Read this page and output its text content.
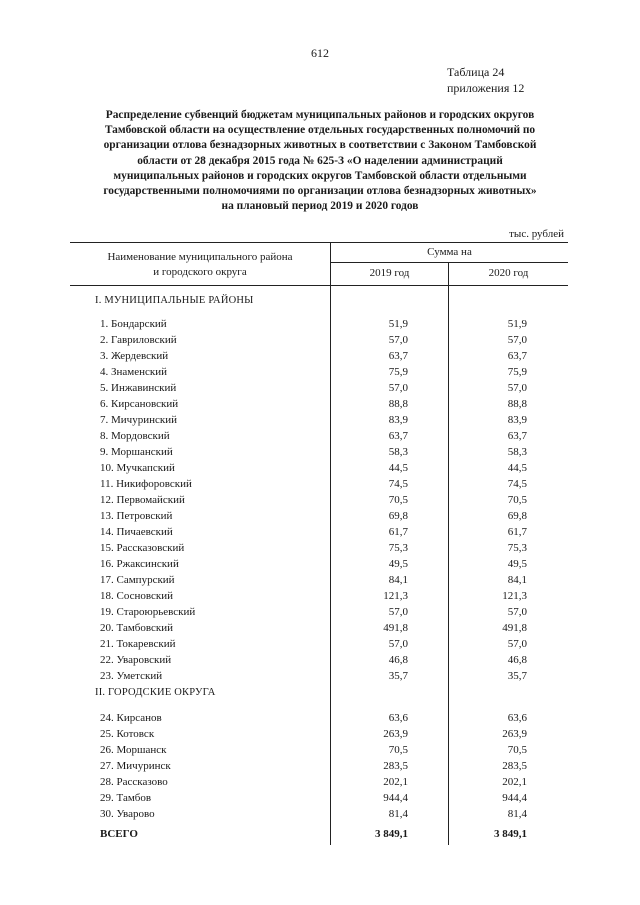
612
Таблица 24
приложения 12
Распределение субвенций бюджетам муниципальных районов и городских округов
Тамбовской области на осуществление отдельных государственных полномочий по
организации отлова безнадзорных животных в соответствии с Законом Тамбовской
области от 28 декабря 2015 года № 625-З «О наделении администраций
муниципальных районов и городских округов Тамбовской области отдельными
государственными полномочиями по организации отлова безнадзорных животных»
на плановый период 2019 и 2020 годов
тыс. рублей
Наименование муниципального района
и городского округа
Сумма на
2019 год	2020 год
I. МУНИЦИПАЛЬНЫЕ РАЙОНЫ
1. Бондарский	51,9	51,9
2. Гавриловский	57,0	57,0
3. Жердевский	63,7	63,7
4. Знаменский	75,9	75,9
5. Инжавинский	57,0	57,0
6. Кирсановский	88,8	88,8
7. Мичуринский	83,9	83,9
8. Мордовский	63,7	63,7
9. Моршанский	58,3	58,3
10. Мучкапский	44,5	44,5
11. Никифоровский	74,5	74,5
12. Первомайский	70,5	70,5
13. Петровский	69,8	69,8
14. Пичаевский	61,7	61,7
15. Рассказовский	75,3	75,3
16. Ржаксинский	49,5	49,5
17. Сампурский	84,1	84,1
18. Сосновский	121,3	121,3
19. Староюрьевский	57,0	57,0
20. Тамбовский	491,8	491,8
21. Токаревский	57,0	57,0
22. Уваровский	46,8	46,8
23. Уметский	35,7	35,7
II. ГОРОДСКИЕ ОКРУГА
24. Кирсанов	63,6	63,6
25. Котовск	263,9	263,9
26. Моршанск	70,5	70,5
27. Мичуринск	283,5	283,5
28. Рассказово	202,1	202,1
29. Тамбов	944,4	944,4
30. Уварово	81,4	81,4
ВСЕГО	3 849,1	3 849,1
